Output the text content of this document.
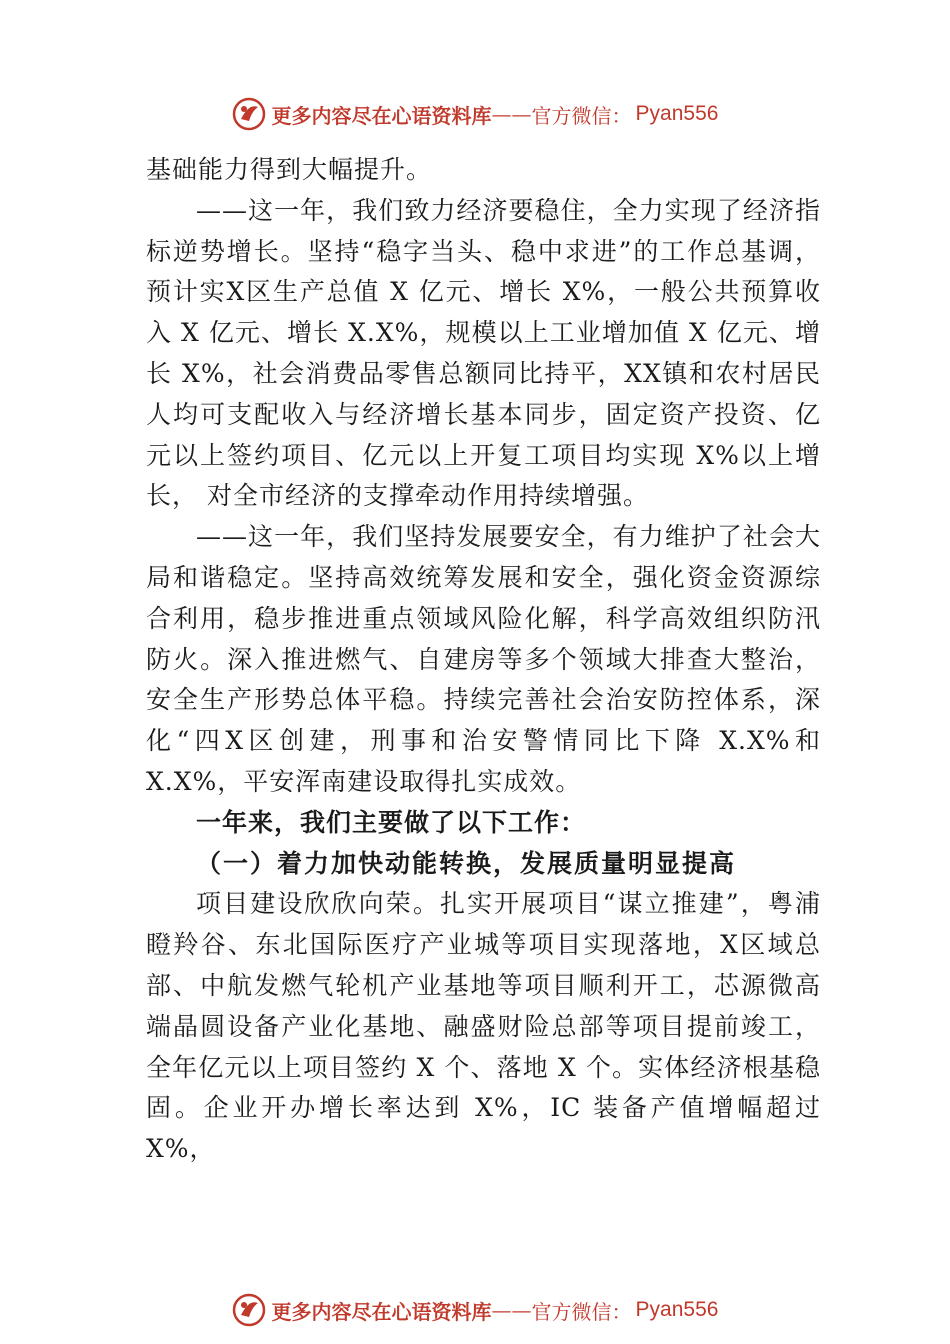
更多内容尽在心语资料库 —— 官方微信： Pyan556

基础能力得到大幅提升。

——这一年，我们致力经济要稳住，全力实现了经济指标逆势增长。坚持“稳字当头、稳中求进”的工作总基调， 预计实X区生产总值 X 亿元、增长 X%，一般公共预算收入 X 亿元、增长 X.X%，规模以上工业增加值 X 亿元、增长 X%，社会消费品零售总额同比持平，XX镇和农村居民人均可支配收入与经济增长基本同步，固定资产投资、亿元以上签约项目、亿元以上开复工项目均实现 X%以上增长， 对全市经济的支撑牵动作用持续增强。

——这一年，我们坚持发展要安全，有力维护了社会大局和谐稳定。坚持高效统筹发展和安全，强化资金资源综合利用，稳步推进重点领域风险化解，科学高效组织防汛防火。深入推进燃气、自建房等多个领域大排查大整治，安全生产形势总体平稳。持续完善社会治安防控体系，深化“四X区创建，刑事和治安警情同比下降 X.X%和 X.X%，平安浑南建设取得扎实成效。

一年来，我们主要做了以下工作：

（一）着力加快动能转换，发展质量明显提高

项目建设欣欣向荣。扎实开展项目“谋立推建”，粤浦瞪羚谷、东北国际医疗产业城等项目实现落地，X区域总部、中航发燃气轮机产业基地等项目顺利开工，芯源微高端晶圆设备产业化基地、融盛财险总部等项目提前竣工，全年亿元以上项目签约 X 个、落地 X 个。实体经济根基稳固。企业开办增长率达到 X%，IC 装备产值增幅超过 X%，

更多内容尽在心语资料库 —— 官方微信： Pyan556
